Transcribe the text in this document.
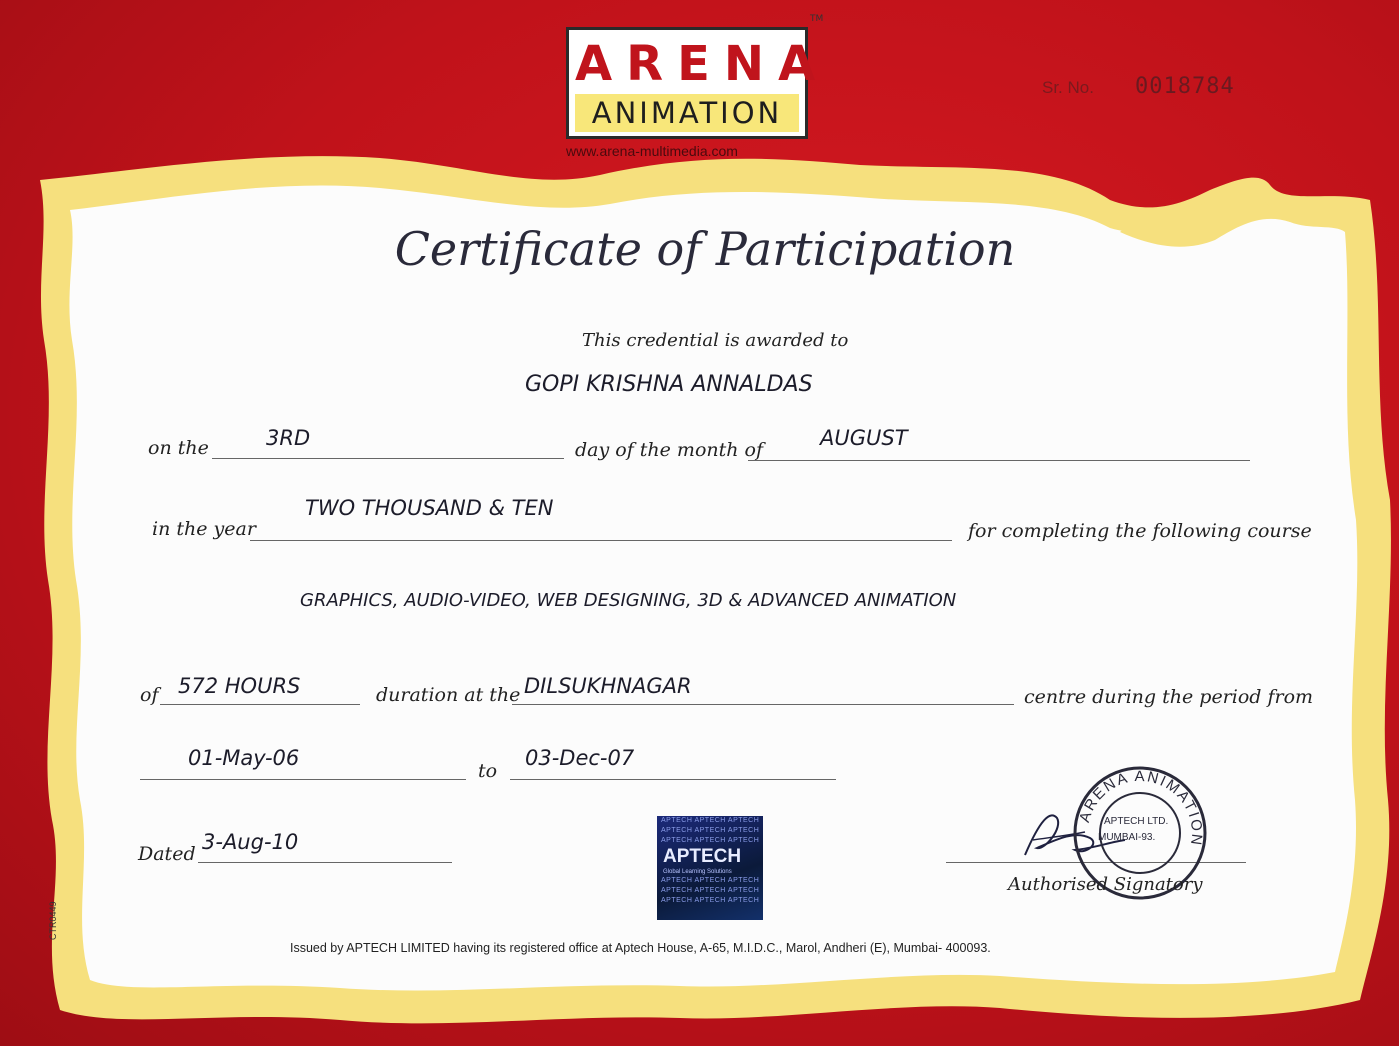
ARENA
ANIMATION
TM
www.arena-multimedia.com
Sr. No. 0018784
Certificate of Participation
This credential is awarded to
GOPI KRISHNA ANNALDAS
on the	3RD	day of the month of	AUGUST
in the year
TWO THOUSAND & TEN
for completing the following course
GRAPHICS, AUDIO-VIDEO, WEB DESIGNING, 3D & ADVANCED ANIMATION
of 572 HOURS	duration at the DILSUKHNAGAR	centre during the period from
01-May-06
to
03-Dec-07
Dated 3-Aug-10
APTECH APTECH APTECH
APTECH APTECH APTECH
APTECH APTECH APTECH
APTECH
Global Learning Solutions
APTECH APTECH APTECH
APTECH APTECH APTECH
APTECH APTECH APTECH
ARENA ANIMATION
APTECH LTD.
MUMBAI-93.
Authorised Signatory
Issued by APTECH LIMITED having its registered office at Aptech House, A-65, M.I.D.C., Marol, Andheri (E), Mumbai- 400093.
CTR0449
